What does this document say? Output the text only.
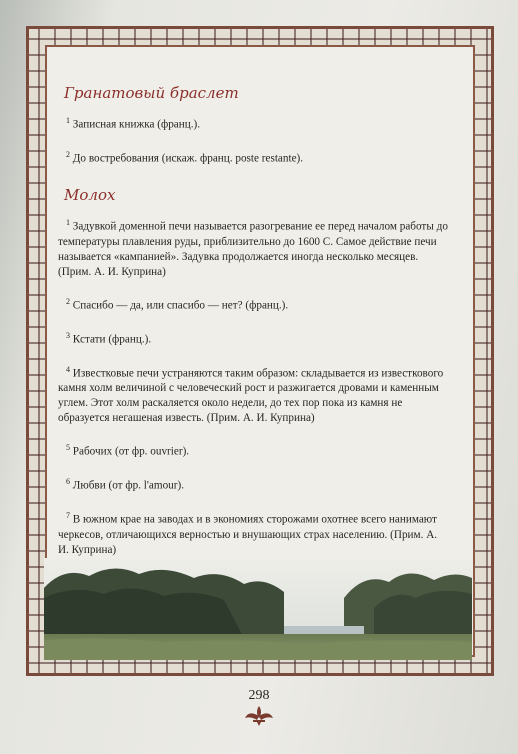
Гранатовый браслет

$^1$ Записная книжка (франц.).

$^2$ До востребования (искаж. франц. poste restante).

Молох

$^1$ Задувкой доменной печи называется разогревание ее перед началом работы до температуры плавления руды, приблизительно до 1600 С. Самое действие печи называется «кампанией». Задувка продолжается иногда несколько месяцев. (Прим. А. И. Куприна)

$^2$ Спасибо — да, или спасибо — нет? (франц.).

$^3$ Кстати (франц.).

$^4$ Известковые печи устраняются таким образом: складывается из известкового камня холм величиной с человеческий рост и разжигается дровами и каменным углем. Этот холм раскаляется около недели, до тех пор пока из камня не образуется негашеная известь. (Прим. А. И. Куприна)

$^5$ Рабочих (от фр. ouvrier).

$^6$ Любви (от фр. l'amour).

$^7$ В южном крае на заводах и в экономиях сторожами охотнее всего нанимают черкесов, отличающихся верностью и внушающих страх населению. (Прим. А. И. Куприна)

298
